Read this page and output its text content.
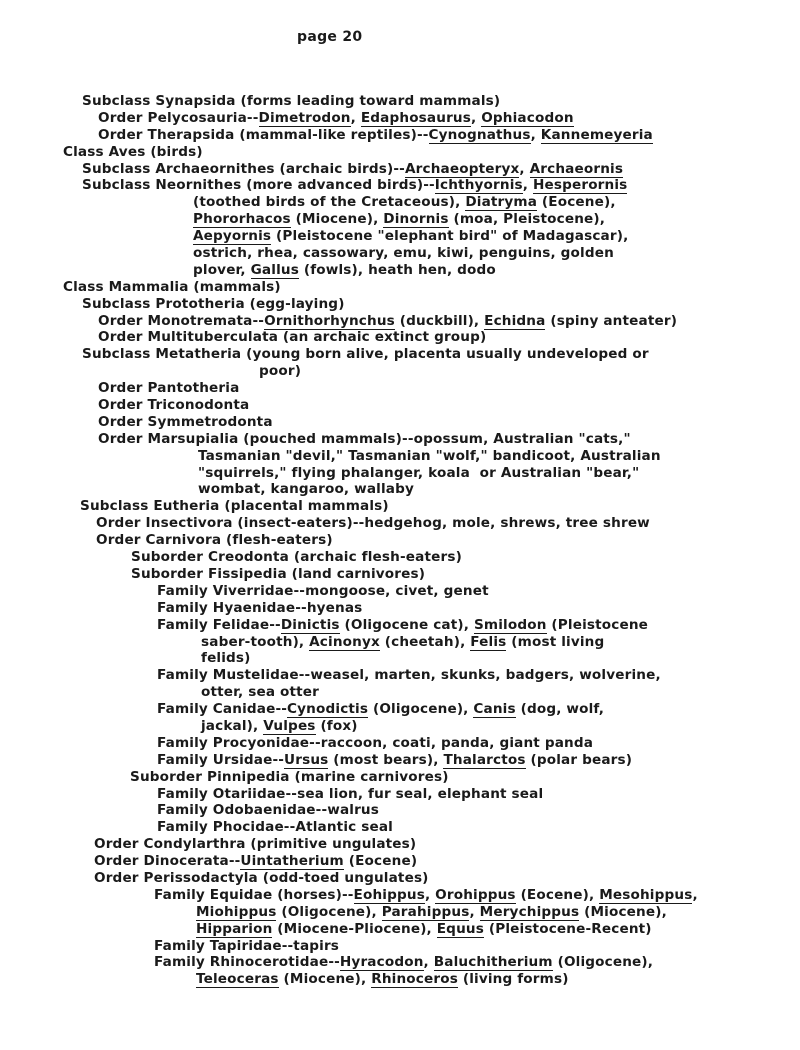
page 20
Subclass Synapsida (forms leading toward mammals)
Order Pelycosauria--Dimetrodon, Edaphosaurus, Ophiacodon
Order Therapsida (mammal-like reptiles)--Cynognathus, Kannemeyeria
Class Aves (birds)
Subclass Archaeornithes (archaic birds)--Archaeopteryx, Archaeornis
Subclass Neornithes (more advanced birds)--Ichthyornis, Hesperornis
(toothed birds of the Cretaceous), Diatryma (Eocene),
Phororhacos (Miocene), Dinornis (moa, Pleistocene),
Aepyornis (Pleistocene "elephant bird" of Madagascar),
ostrich, rhea, cassowary, emu, kiwi, penguins, golden
plover, Gallus (fowls), heath hen, dodo
Class Mammalia (mammals)
Subclass Prototheria (egg-laying)
Order Monotremata--Ornithorhynchus (duckbill), Echidna (spiny anteater)
Order Multituberculata (an archaic extinct group)
Subclass Metatheria (young born alive, placenta usually undeveloped or
poor)
Order Pantotheria
Order Triconodonta
Order Symmetrodonta
Order Marsupialia (pouched mammals)--opossum, Australian "cats,"
Tasmanian "devil," Tasmanian "wolf," bandicoot, Australian
"squirrels," flying phalanger, koala  or Australian "bear,"
wombat, kangaroo, wallaby
Subclass Eutheria (placental mammals)
Order Insectivora (insect-eaters)--hedgehog, mole, shrews, tree shrew
Order Carnivora (flesh-eaters)
Suborder Creodonta (archaic flesh-eaters)
Suborder Fissipedia (land carnivores)
Family Viverridae--mongoose, civet, genet
Family Hyaenidae--hyenas
Family Felidae--Dinictis (Oligocene cat), Smilodon (Pleistocene
saber-tooth), Acinonyx (cheetah), Felis (most living
felids)
Family Mustelidae--weasel, marten, skunks, badgers, wolverine,
otter, sea otter
Family Canidae--Cynodictis (Oligocene), Canis (dog, wolf,
jackal), Vulpes (fox)
Family Procyonidae--raccoon, coati, panda, giant panda
Family Ursidae--Ursus (most bears), Thalarctos (polar bears)
Suborder Pinnipedia (marine carnivores)
Family Otariidae--sea lion, fur seal, elephant seal
Family Odobaenidae--walrus
Family Phocidae--Atlantic seal
Order Condylarthra (primitive ungulates)
Order Dinocerata--Uintatherium (Eocene)
Order Perissodactyla (odd-toed ungulates)
Family Equidae (horses)--Eohippus, Orohippus (Eocene), Mesohippus,
Miohippus (Oligocene), Parahippus, Merychippus (Miocene),
Hipparion (Miocene-Pliocene), Equus (Pleistocene-Recent)
Family Tapiridae--tapirs
Family Rhinocerotidae--Hyracodon, Baluchitherium (Oligocene),
Teleoceras (Miocene), Rhinoceros (living forms)
